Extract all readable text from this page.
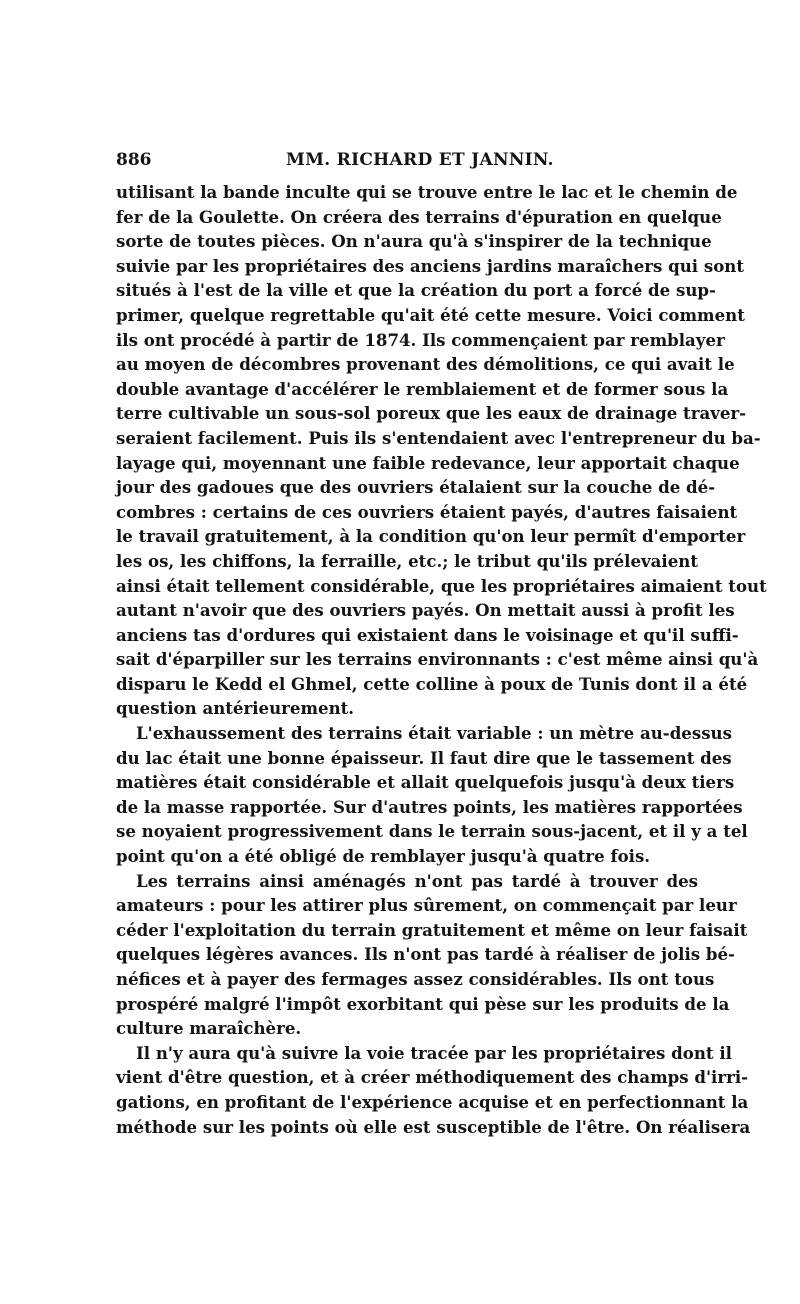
886	MM. RICHARD ET JANNIN.
utilisant la bande inculte qui se trouve entre le lac et le chemin de
fer de la Goulette. On créera des terrains d'épuration en quelque
sorte de toutes pièces. On n'aura qu'à s'inspirer de la technique
suivie par les propriétaires des anciens jardins maraîchers qui sont
situés à l'est de la ville et que la création du port a forcé de sup-
primer, quelque regrettable qu'ait été cette mesure. Voici comment
ils ont procédé à partir de 1874. Ils commençaient par remblayer
au moyen de décombres provenant des démolitions, ce qui avait le
double avantage d'accélérer le remblaiement et de former sous la
terre cultivable un sous-sol poreux que les eaux de drainage traver-
seraient facilement. Puis ils s'entendaient avec l'entrepreneur du ba-
layage qui, moyennant une faible redevance, leur apportait chaque
jour des gadoues que des ouvriers étalaient sur la couche de dé-
combres : certains de ces ouvriers étaient payés, d'autres faisaient
le travail gratuitement, à la condition qu'on leur permît d'emporter
les os, les chiffons, la ferraille, etc.; le tribut qu'ils prélevaient
ainsi était tellement considérable, que les propriétaires aimaient tout
autant n'avoir que des ouvriers payés. On mettait aussi à profit les
anciens tas d'ordures qui existaient dans le voisinage et qu'il suffi-
sait d'éparpiller sur les terrains environnants : c'est même ainsi qu'à
disparu le Kedd el Ghmel, cette colline à poux de Tunis dont il a été
question antérieurement.
L'exhaussement des terrains était variable : un mètre au-dessus
du lac était une bonne épaisseur. Il faut dire que le tassement des
matières était considérable et allait quelquefois jusqu'à deux tiers
de la masse rapportée. Sur d'autres points, les matières rapportées
se noyaient progressivement dans le terrain sous-jacent, et il y a tel
point qu'on a été obligé de remblayer jusqu'à quatre fois.
Les terrains ainsi aménagés n'ont pas tardé à trouver des
amateurs : pour les attirer plus sûrement, on commençait par leur
céder l'exploitation du terrain gratuitement et même on leur faisait
quelques légères avances. Ils n'ont pas tardé à réaliser de jolis bé-
néfices et à payer des fermages assez considérables. Ils ont tous
prospéré malgré l'impôt exorbitant qui pèse sur les produits de la
culture maraîchère.
Il n'y aura qu'à suivre la voie tracée par les propriétaires dont il
vient d'être question, et à créer méthodiquement des champs d'irri-
gations, en profitant de l'expérience acquise et en perfectionnant la
méthode sur les points où elle est susceptible de l'être. On réalisera
